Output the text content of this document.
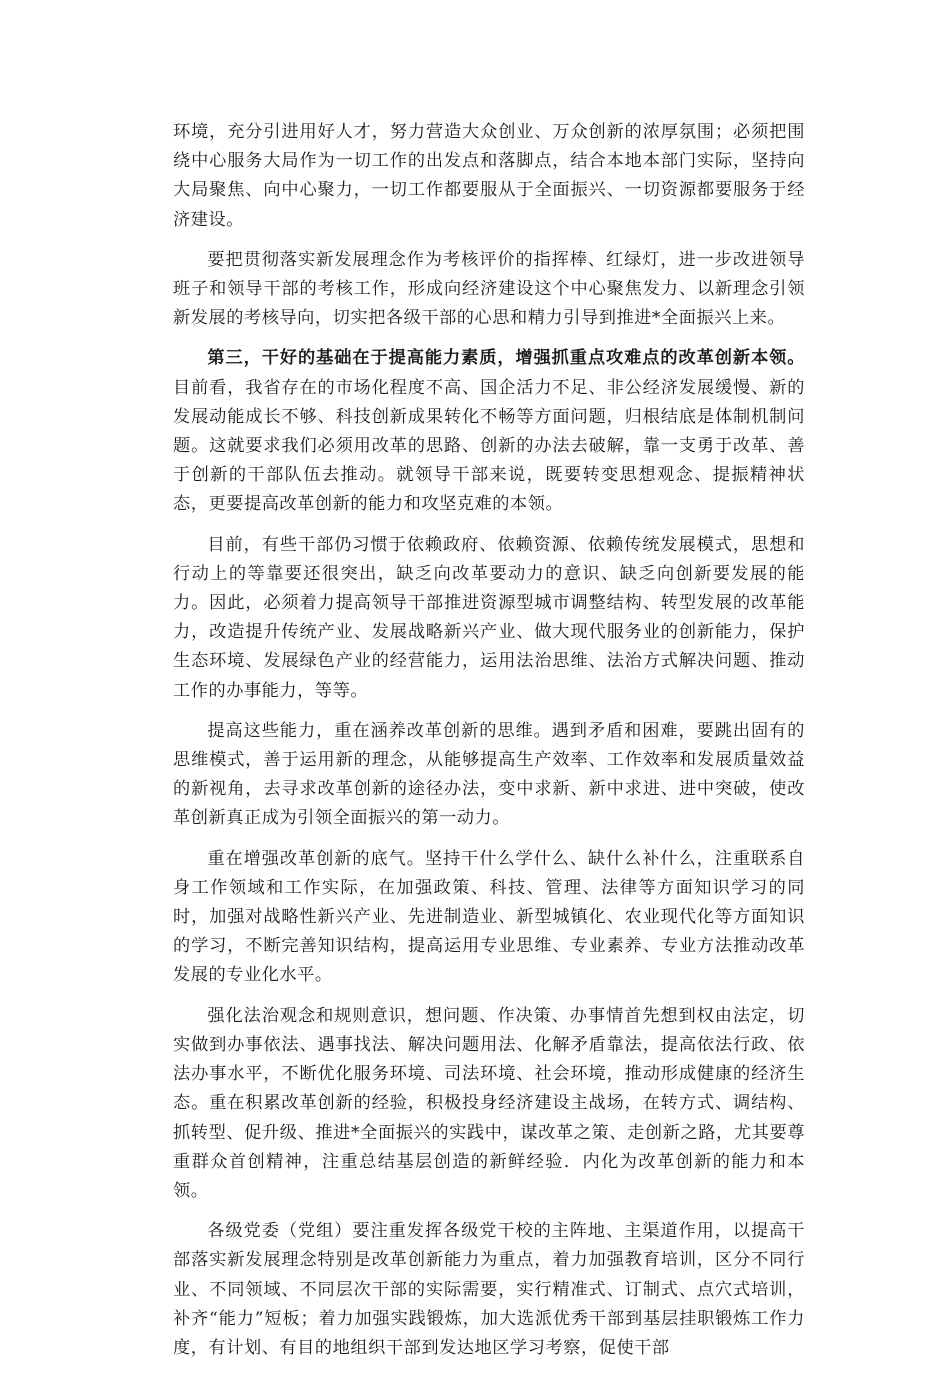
环境，充分引进用好人才，努力营造大众创业、万众创新的浓厚氛围；必须把围绕中心服务大局作为一切工作的出发点和落脚点，结合本地本部门实际，坚持向大局聚焦、向中心聚力，一切工作都要服从于全面振兴、一切资源都要服务于经济建设。

要把贯彻落实新发展理念作为考核评价的指挥棒、红绿灯，进一步改进领导班子和领导干部的考核工作，形成向经济建设这个中心聚焦发力、以新理念引领新发展的考核导向，切实把各级干部的心思和精力引导到推进*全面振兴上来。

第三，干好的基础在于提高能力素质，增强抓重点攻难点的改革创新本领。目前看，我省存在的市场化程度不高、国企活力不足、非公经济发展缓慢、新的发展动能成长不够、科技创新成果转化不畅等方面问题，归根结底是体制机制问题。这就要求我们必须用改革的思路、创新的办法去破解，靠一支勇于改革、善于创新的干部队伍去推动。就领导干部来说，既要转变思想观念、提振精神状态，更要提高改革创新的能力和攻坚克难的本领。

目前，有些干部仍习惯于依赖政府、依赖资源、依赖传统发展模式，思想和行动上的等靠要还很突出，缺乏向改革要动力的意识、缺乏向创新要发展的能力。因此，必须着力提高领导干部推进资源型城市调整结构、转型发展的改革能力，改造提升传统产业、发展战略新兴产业、做大现代服务业的创新能力，保护生态环境、发展绿色产业的经营能力，运用法治思维、法治方式解决问题、推动工作的办事能力，等等。

提高这些能力，重在涵养改革创新的思维。遇到矛盾和困难，要跳出固有的思维模式，善于运用新的理念，从能够提高生产效率、工作效率和发展质量效益的新视角，去寻求改革创新的途径办法，变中求新、新中求进、进中突破，使改革创新真正成为引领全面振兴的第一动力。

重在增强改革创新的底气。坚持干什么学什么、缺什么补什么，注重联系自身工作领域和工作实际，在加强政策、科技、管理、法律等方面知识学习的同时，加强对战略性新兴产业、先进制造业、新型城镇化、农业现代化等方面知识的学习，不断完善知识结构，提高运用专业思维、专业素养、专业方法推动改革发展的专业化水平。

强化法治观念和规则意识，想问题、作决策、办事情首先想到权由法定，切实做到办事依法、遇事找法、解决问题用法、化解矛盾靠法，提高依法行政、依法办事水平，不断优化服务环境、司法环境、社会环境，推动形成健康的经济生态。重在积累改革创新的经验，积极投身经济建设主战场，在转方式、调结构、抓转型、促升级、推进*全面振兴的实践中，谋改革之策、走创新之路，尤其要尊重群众首创精神，注重总结基层创造的新鲜经验．内化为改革创新的能力和本领。

各级党委（党组）要注重发挥各级党干校的主阵地、主渠道作用，以提高干部落实新发展理念特别是改革创新能力为重点，着力加强教育培训，区分不同行业、不同领域、不同层次干部的实际需要，实行精准式、订制式、点穴式培训，补齐“能力”短板；着力加强实践锻炼，加大选派优秀干部到基层挂职锻炼工作力度，有计划、有目的地组织干部到发达地区学习考察，促使干部
